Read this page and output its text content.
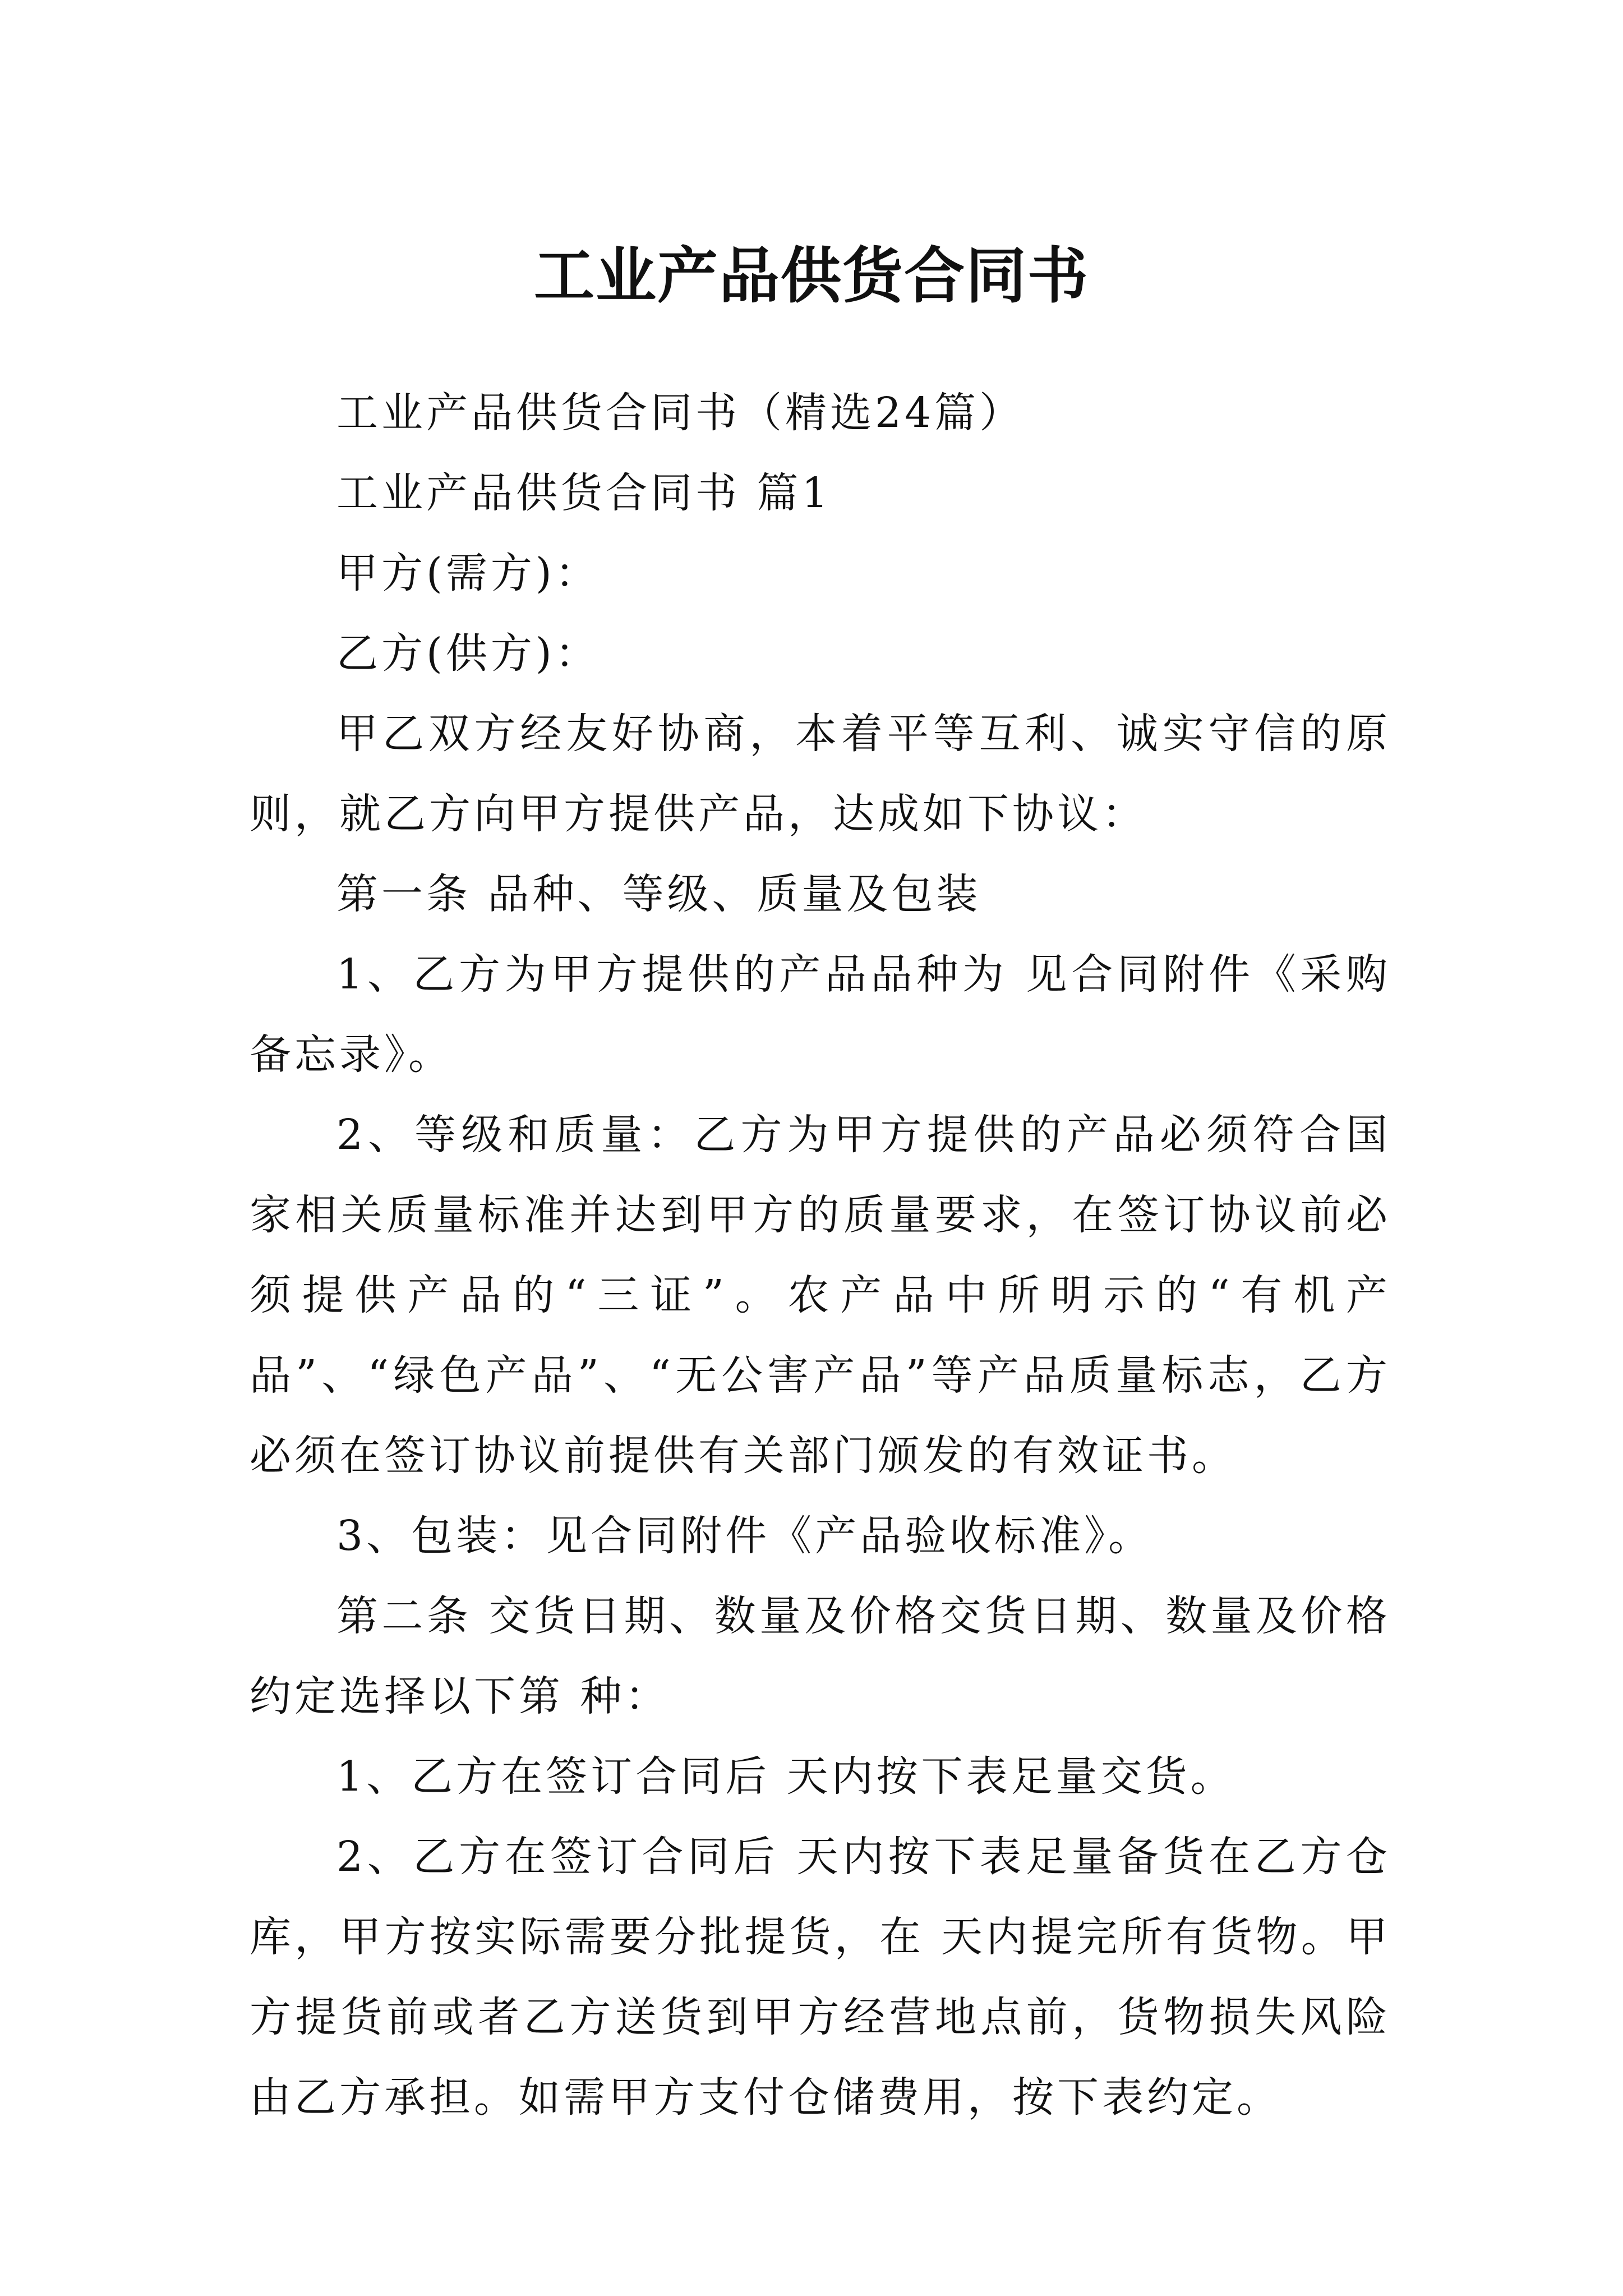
工业产品供货合同书

工业产品供货合同书（精选24篇）

工业产品供货合同书 篇1

甲方(需方)：

乙方(供方)：

甲乙双方经友好协商，本着平等互利、诚实守信的原则，就乙方向甲方提供产品，达成如下协议：

第一条 品种、等级、质量及包装

1、乙方为甲方提供的产品品种为 见合同附件《采购备忘录》。

2、等级和质量：乙方为甲方提供的产品必须符合国家相关质量标准并达到甲方的质量要求，在签订协议前必须提供产品的“三证”。农产品中所明示的“有机产品”、“绿色产品”、“无公害产品”等产品质量标志，乙方必须在签订协议前提供有关部门颁发的有效证书。

3、包装：见合同附件《产品验收标准》。

第二条 交货日期、数量及价格交货日期、数量及价格约定选择以下第 种：

1、乙方在签订合同后 天内按下表足量交货。

2、乙方在签订合同后 天内按下表足量备货在乙方仓库，甲方按实际需要分批提货，在 天内提完所有货物。甲方提货前或者乙方送货到甲方经营地点前，货物损失风险由乙方承担。如需甲方支付仓储费用，按下表约定。
